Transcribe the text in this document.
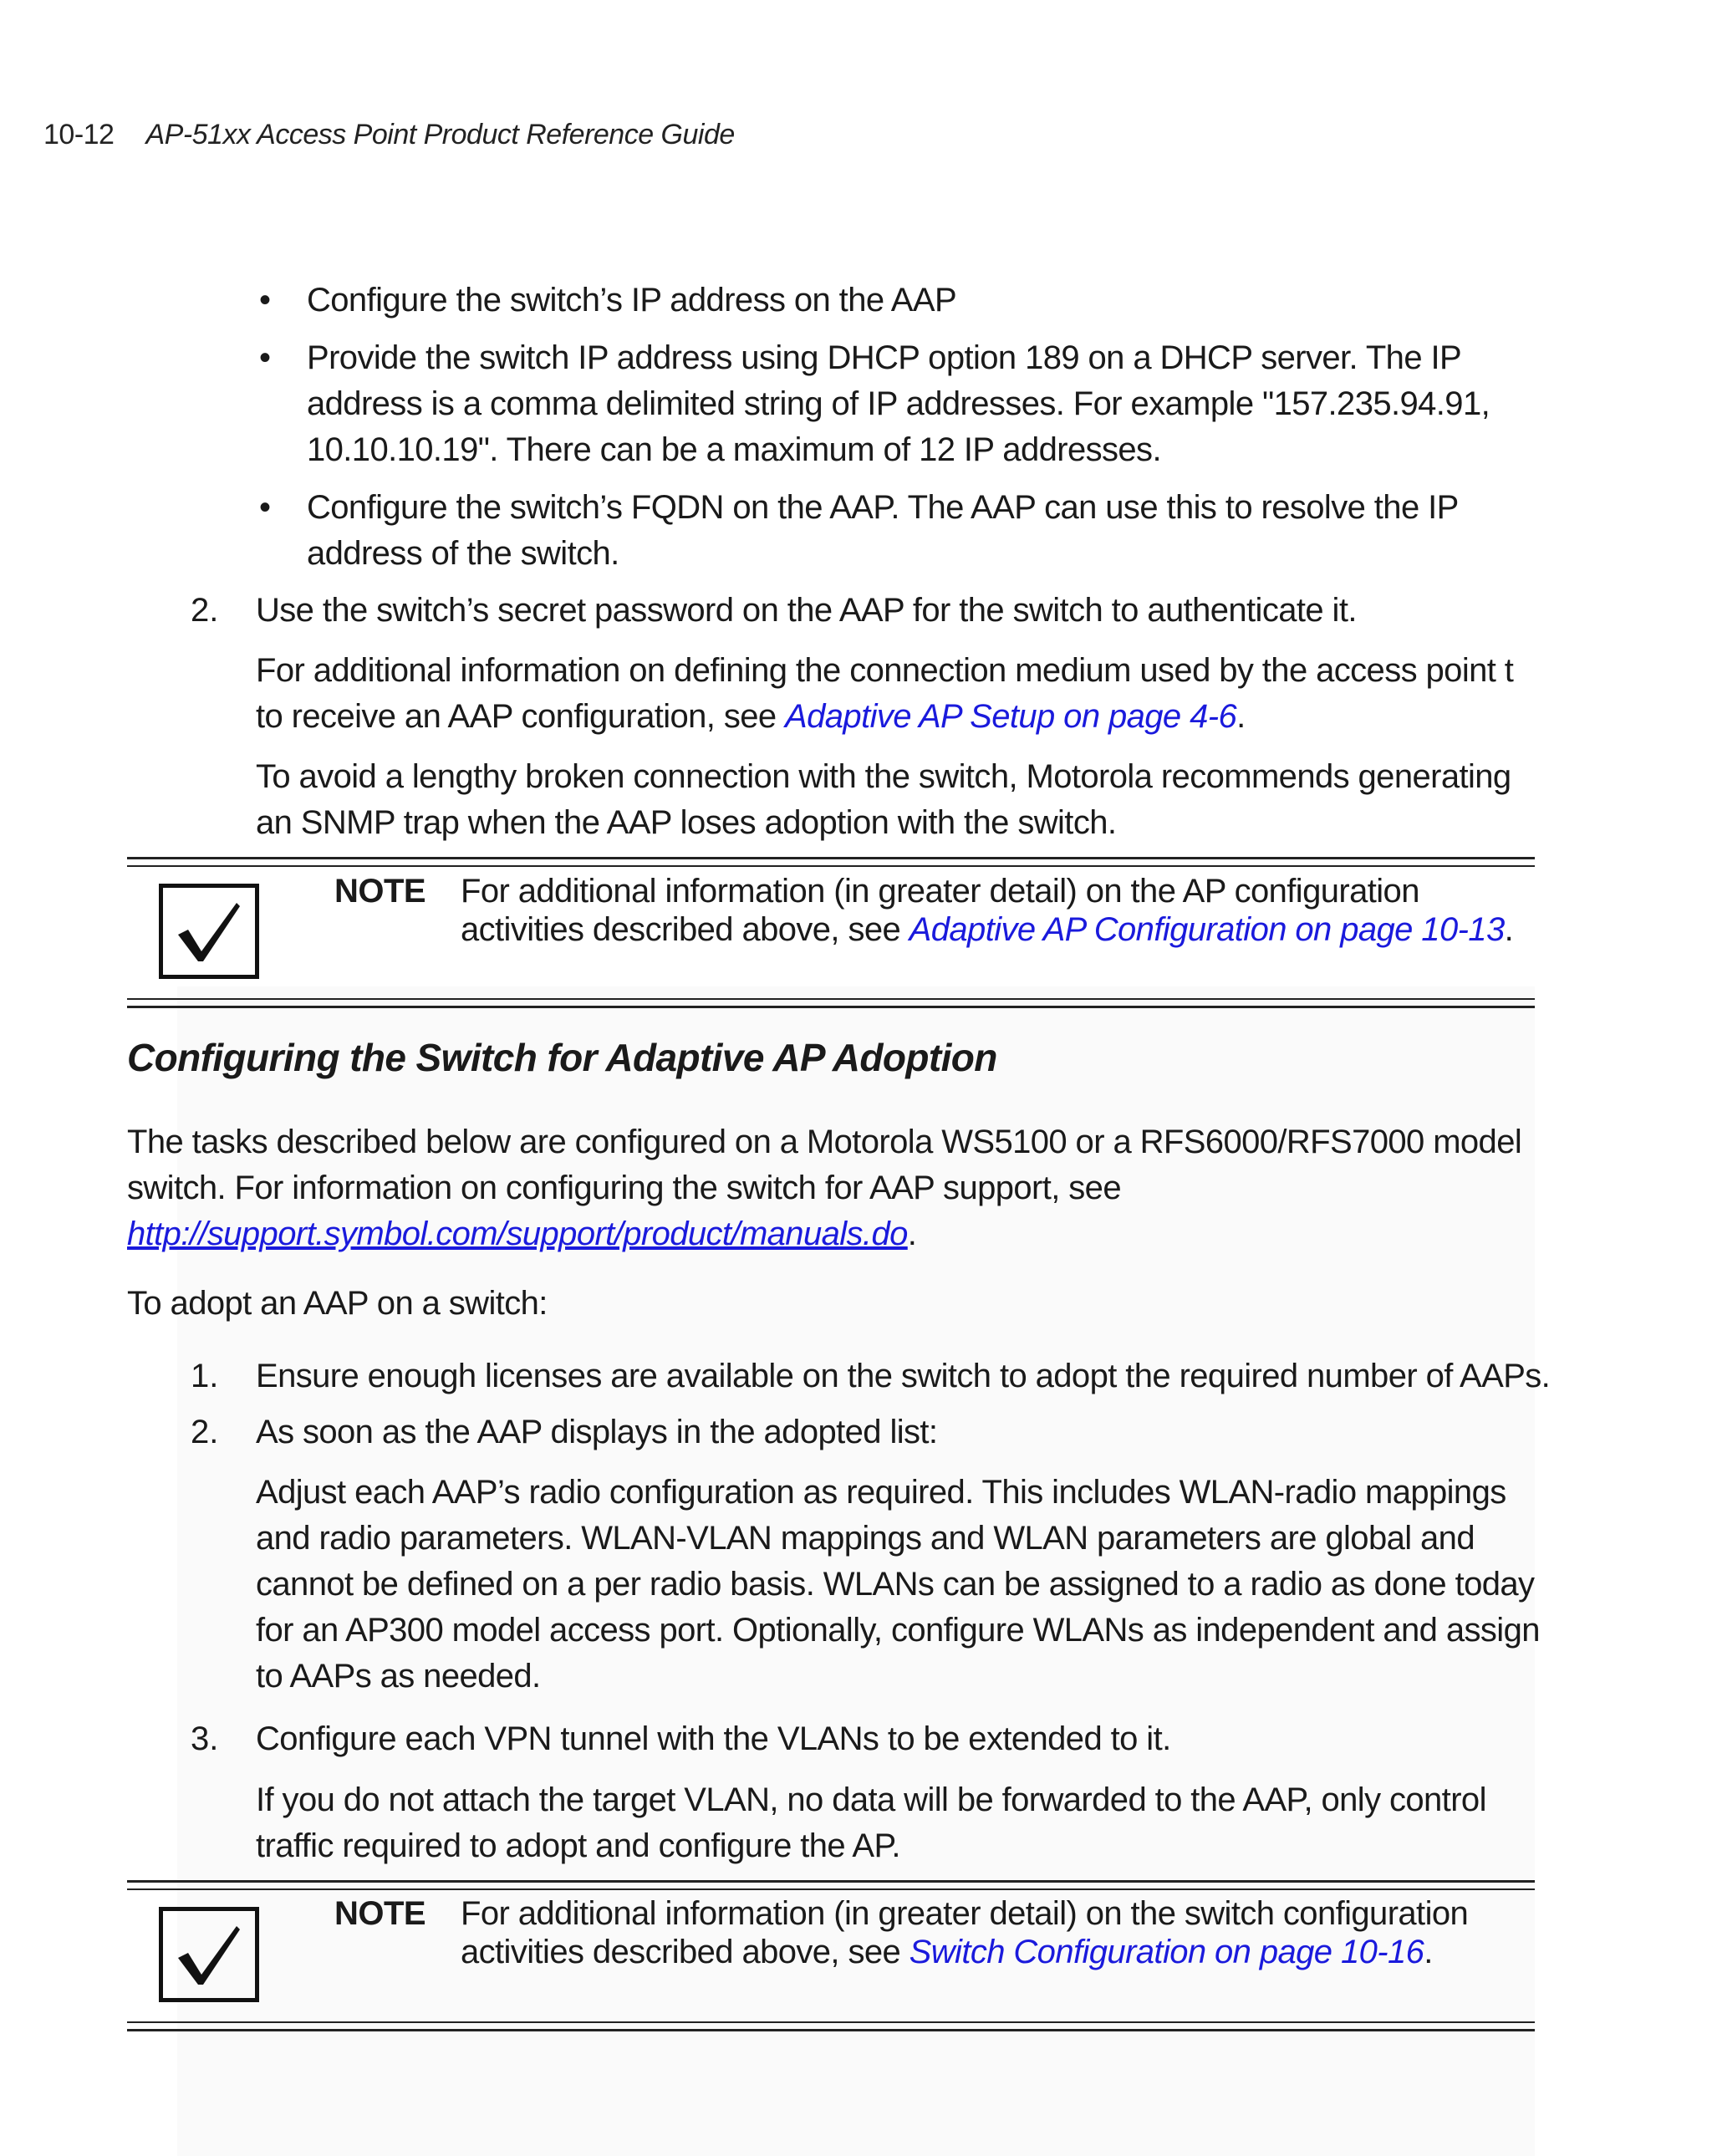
10-12 AP-51xx Access Point Product Reference Guide
• Configure the switch’s IP address on the AAP
• Provide the switch IP address using DHCP option 189 on a DHCP server. The IP address is a comma delimited string of IP addresses. For example "157.235.94.91, 10.10.10.19". There can be a maximum of 12 IP addresses.
• Configure the switch’s FQDN on the AAP. The AAP can use this to resolve the IP address of the switch.
2. Use the switch’s secret password on the AAP for the switch to authenticate it.
For additional information on defining the connection medium used by the access point t to receive an AAP configuration, see Adaptive AP Setup on page 4-6.
To avoid a lengthy broken connection with the switch, Motorola recommends generating an SNMP trap when the AAP loses adoption with the switch.
NOTE For additional information (in greater detail) on the AP configuration activities described above, see Adaptive AP Configuration on page 10-13.
Configuring the Switch for Adaptive AP Adoption
The tasks described below are configured on a Motorola WS5100 or a RFS6000/RFS7000 model switch. For information on configuring the switch for AAP support, see http://support.symbol.com/support/product/manuals.do.
To adopt an AAP on a switch:
1. Ensure enough licenses are available on the switch to adopt the required number of AAPs.
2. As soon as the AAP displays in the adopted list:
Adjust each AAP’s radio configuration as required. This includes WLAN-radio mappings and radio parameters. WLAN-VLAN mappings and WLAN parameters are global and cannot be defined on a per radio basis. WLANs can be assigned to a radio as done today for an AP300 model access port. Optionally, configure WLANs as independent and assign to AAPs as needed.
3. Configure each VPN tunnel with the VLANs to be extended to it.
If you do not attach the target VLAN, no data will be forwarded to the AAP, only control traffic required to adopt and configure the AP.
NOTE For additional information (in greater detail) on the switch configuration activities described above, see Switch Configuration on page 10-16.
